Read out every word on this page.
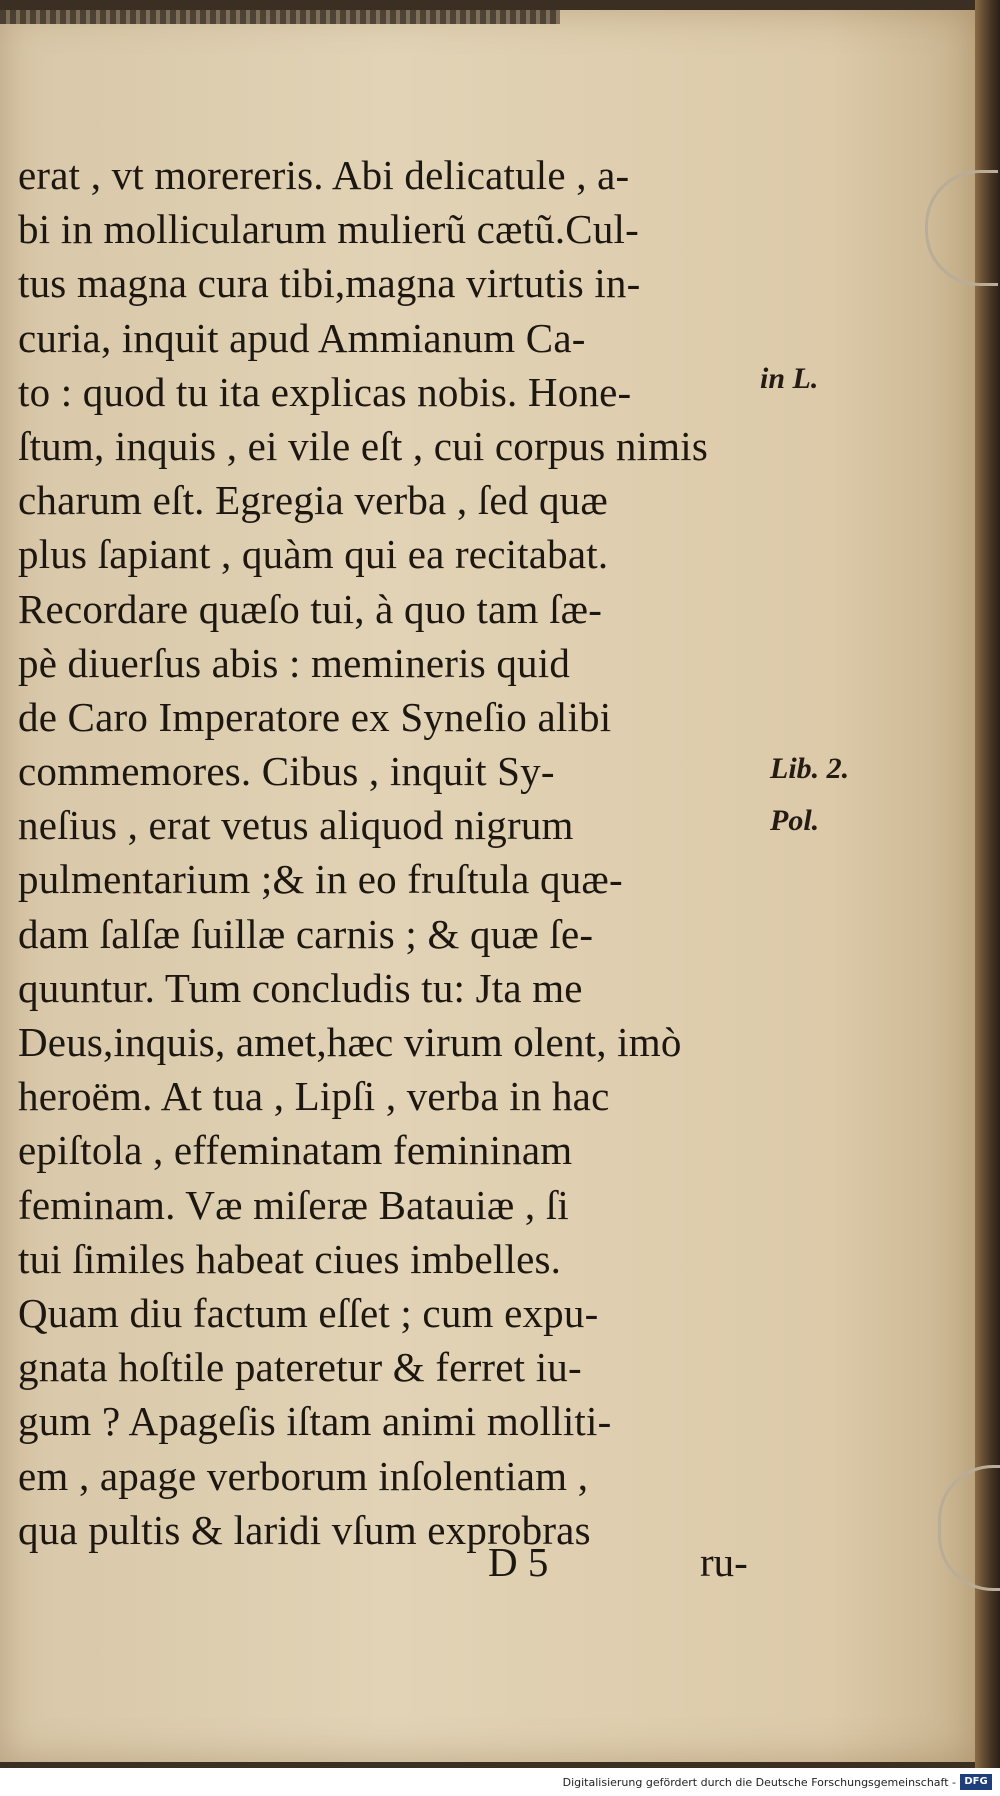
erat , vt morereris. Abi delicatule , a-
bi in mollicularum mulierũ cætũ.Cul-
tus magna cura tibi,magna virtutis in-
curia, inquit apud Ammianum Ca-
to : quod tu ita explicas nobis. Hone-
ſtum, inquis , ei vile eſt , cui corpus nimis
charum eſt. Egregia verba , ſed quæ
plus ſapiant , quàm qui ea recitabat.
Recordare quæſo tui, à quo tam ſæ-
pè diuerſus abis : memineris quid
de Caro Imperatore ex Syneſio alibi
commemores. Cibus , inquit Sy-
neſius , erat vetus aliquod nigrum
pulmentarium ;& in eo fruſtula quæ-
dam ſalſæ ſuillæ carnis ; & quæ ſe-
quuntur. Tum concludis tu: Jta me
Deus,inquis, amet,hæc virum olent, imò
heroëm. At tua , Lipſi , verba in hac
epiſtola , effeminatam femininam
feminam. Væ miſeræ Batauiæ , ſi
tui ſimiles habeat ciues imbelles.
Quam diu factum eſſet ; cum expu-
gnata hoſtile pateretur & ferret iu-
gum ? Apageſis iſtam animi molliti-
em , apage verborum inſolentiam ,
qua pultis & laridi vſum exprobras
in L.
Lib. 2.
Pol.
D 5	ru-
Digitalisierung gefördert durch die Deutsche Forschungsgemeinschaft - DFG
